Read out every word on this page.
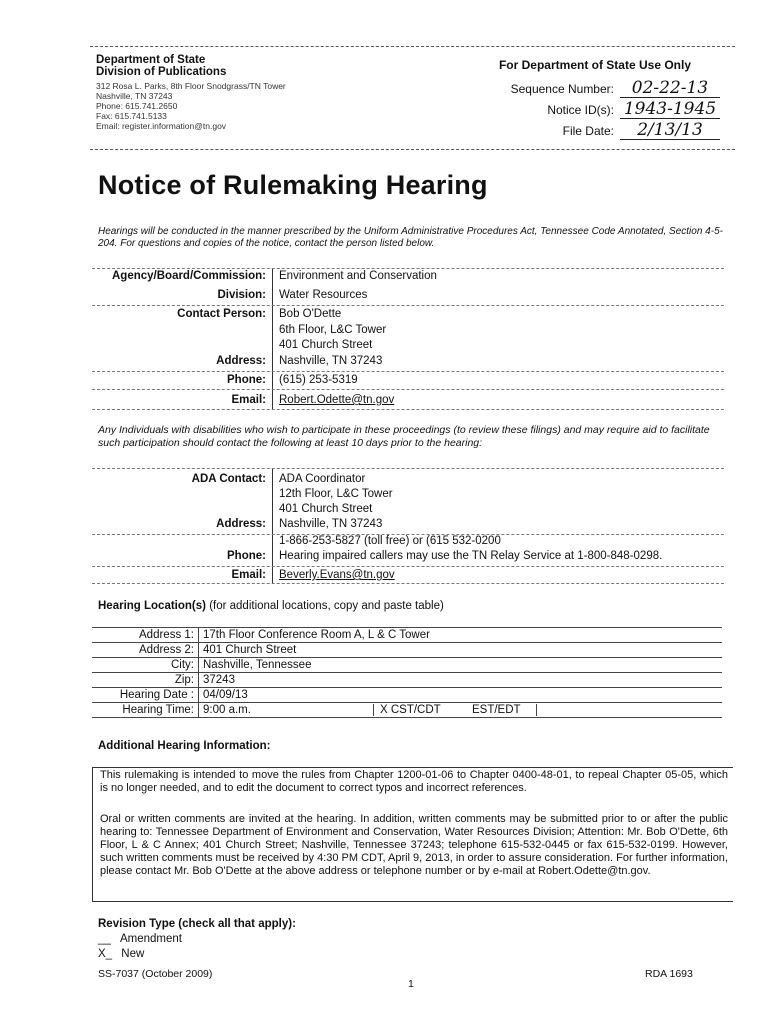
Department of State
Division of Publications
312 Rosa L. Parks, 8th Floor Snodgrass/TN Tower
Nashville, TN 37243
Phone: 615.741.2650
Fax: 615.741.5133
Email: register.information@tn.gov
For Department of State Use Only
Sequence Number:	02-22-13
Notice ID(s): 1943-1945
File Date:	2/13/13
Notice of Rulemaking Hearing
Hearings will be conducted in the manner prescribed by the Uniform Administrative Procedures Act, Tennessee Code Annotated, Section 4-5-204. For questions and copies of the notice, contact the person listed below.
Agency/Board/Commission: Environment and Conservation
Division: Water Resources
Contact Person: Bob O'Dette
6th Floor, L&C Tower
401 Church Street
Address: Nashville, TN 37243
Phone: (615) 253-5319
Email: Robert.Odette@tn.gov
Any Individuals with disabilities who wish to participate in these proceedings (to review these filings) and may require aid to facilitate such participation should contact the following at least 10 days prior to the hearing:
ADA Contact: ADA Coordinator
12th Floor, L&C Tower
401 Church Street
Address: Nashville, TN 37243
1-866-253-5827 (toll free) or (615 532-0200
Phone: Hearing impaired callers may use the TN Relay Service at 1-800-848-0298.
Email: Beverly.Evans@tn.gov
Hearing Location(s) (for additional locations, copy and paste table)
Address 1:	17th Floor Conference Room A, L & C Tower
Address 2:	401 Church Street
City:	Nashville, Tennessee
Zip:	37243
Hearing Date :	04/09/13
Hearing Time:	9:00 a.m. X CST/CDT EST/EDT
Additional Hearing Information:
This rulemaking is intended to move the rules from Chapter 1200-01-06 to Chapter 0400-48-01, to repeal Chapter 05-05, which is no longer needed, and to edit the document to correct typos and incorrect references.
Oral or written comments are invited at the hearing. In addition, written comments may be submitted prior to or after the public hearing to: Tennessee Department of Environment and Conservation, Water Resources Division; Attention: Mr. Bob O'Dette, 6th Floor, L & C Annex; 401 Church Street; Nashville, Tennessee 37243; telephone 615-532-0445 or fax 615-532-0199. However, such written comments must be received by 4:30 PM CDT, April 9, 2013, in order to assure consideration. For further information, please contact Mr. Bob O'Dette at the above address or telephone number or by e-mail at Robert.Odette@tn.gov.
Revision Type (check all that apply):
__ Amendment
X_ New
SS-7037 (October 2009)
1
RDA 1693
